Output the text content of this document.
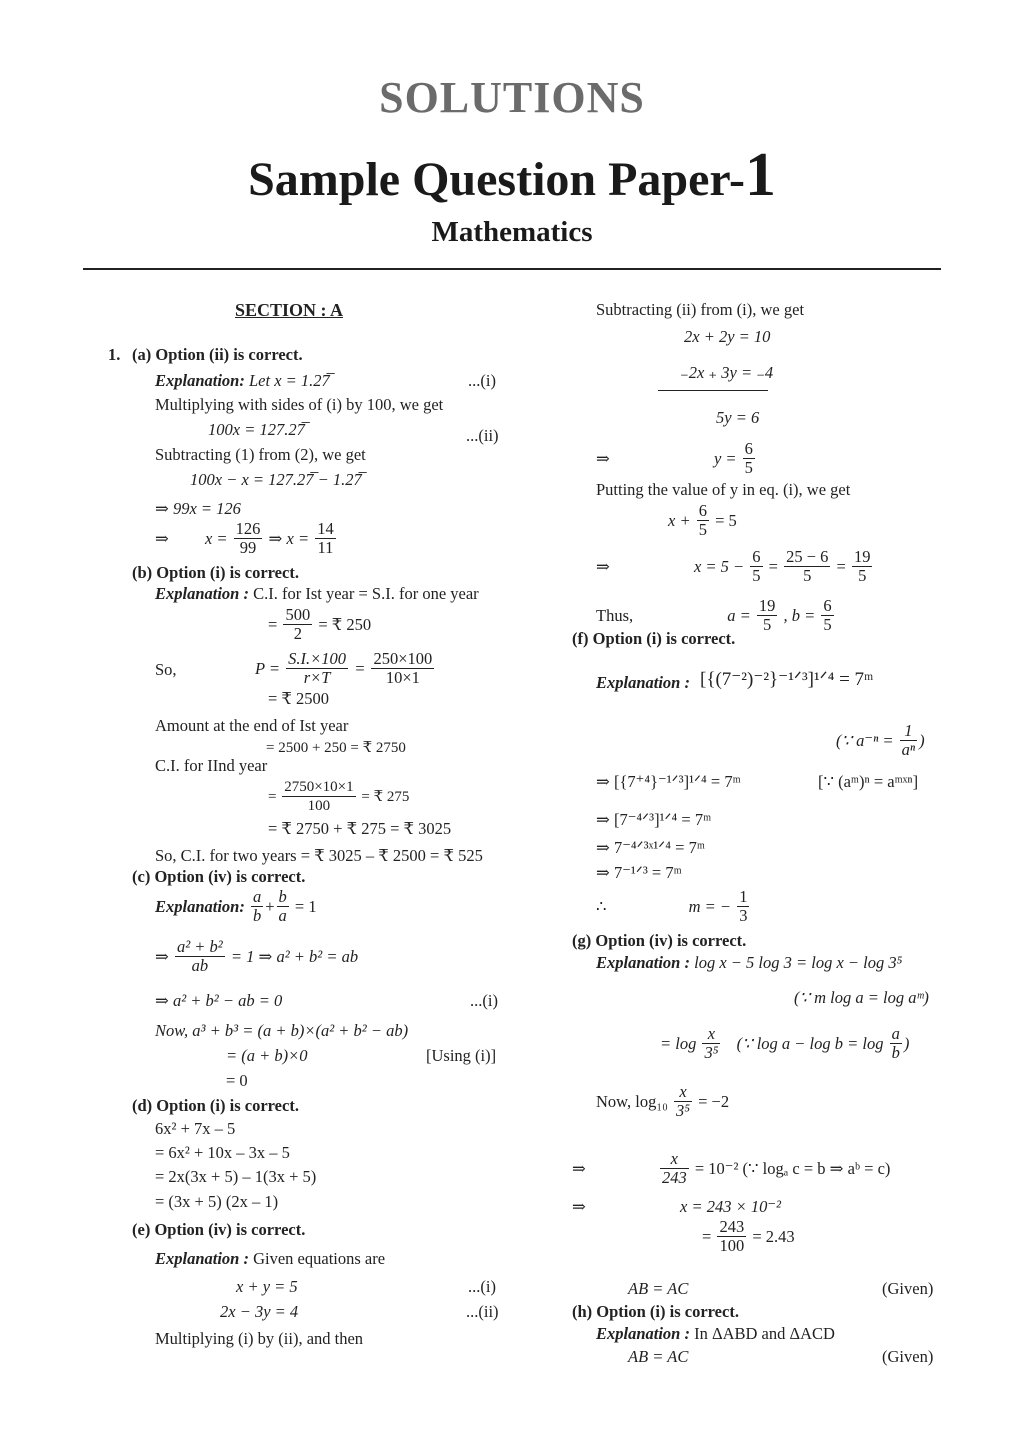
SOLUTIONS
Sample Question Paper-1
Mathematics
SECTION : A
1. (a) Option (ii) is correct.
Explanation: Let x = 1.27̅	...(i)
Multiplying with sides of (i) by 100, we get
100x = 127.27̅	...(ii)
Subtracting (1) from (2), we get
100x − x = 127.27̅ − 1.27̅
⇒ 99x = 126
⇒ $x = \frac{126}{99}$ ⇒ $x = \frac{14}{11}$
(b) Option (i) is correct.
Explanation : C.I. for Ist year = S.I. for one year
= $\frac{500}{2}$ = ₹ 250
So,	$P = \frac{S.I.\times 100}{r\times T} = \frac{250\times 100}{10\times 1}$
= ₹ 2500
Amount at the end of Ist year
= 2500 + 250 = ₹ 2750
C.I. for IInd year
= $\frac{2750\times 10\times 1}{100}$ = ₹ 275
= ₹ 2750 + ₹ 275 = ₹ 3025
So, C.I. for two years = ₹ 3025 – ₹ 2500 = ₹ 525
(c) Option (iv) is correct.
Explanation: $\frac{a}{b} + \frac{b}{a} = 1$
⇒ $\frac{\text{a² + b²}}{ab} = 1$ ⇒ a² + b² = ab
⇒ a² + b² − ab = 0	...(i)
Now, a³ + b³ = (a + b)×(a² + b² − ab)
= (a + b)×0	[Using (i)]
= 0
(d) Option (i) is correct.
6x² + 7x – 5
= 6x² + 10x – 3x – 5
= 2x(3x + 5) – 1(3x + 5)
= (3x + 5) (2x – 1)
(e) Option (iv) is correct.
Explanation : Given equations are
x + y = 5	...(i)
2x − 3y = 4	...(ii)
Multiplying (i) by (ii), and then
Subtracting (ii) from (i), we get
2x + 2y = 10
₋2x ₊ 3y = ₋4
5y = 6
⇒	$y = \frac{6}{5}$
Putting the value of y in eq. (i), we get
$x + \frac{6}{5} = 5$
⇒	$x = 5 - \frac{6}{5} = \frac{25 - 6}{5} = \frac{19}{5}$
Thus,	$a = \frac{19}{5}$ , $b = \frac{6}{5}$
(f) Option (i) is correct.
Explanation : [{(7⁻²)⁻²}⁻¹ᐟ³]¹ᐟ⁴ = 7ᵐ
(∵ $a^{-n} = \frac{1}{\text{aⁿ}}$ )
⇒ [{7⁺⁴}⁻¹ᐟ³]¹ᐟ⁴ = 7ᵐ	[∵ (aᵐ)ⁿ = aᵐˣⁿ]
⇒ [7⁻⁴ᐟ³]¹ᐟ⁴ = 7ᵐ
⇒ 7⁻⁴ᐟ³ˣ¹ᐟ⁴ = 7ᵐ
⇒ 7⁻¹ᐟ³ = 7ᵐ
∴	m = − $\frac{1}{3}$
(g) Option (iv) is correct.
Explanation : log x − 5 log 3 = log x − log 3⁵
(∵ m log a = log aᵐ)
= $\log \frac{x}{\text{3⁵}}$ (∵ $\log a - \log b = \log \frac{a}{b}$ )
Now, $\log_{10} \frac{x}{\text{3⁵}} = -2$
⇒	$\frac{x}{243} = 10^{-2}$ (∵ logₐ c = b ⇒ aᵇ = c)
⇒	x = 243 × 10⁻²
= $\frac{243}{100} = 2.43$
AB = AC	(Given)
(h) Option (i) is correct.
Explanation : In ΔABD and ΔACD
AB = AC	(Given)
